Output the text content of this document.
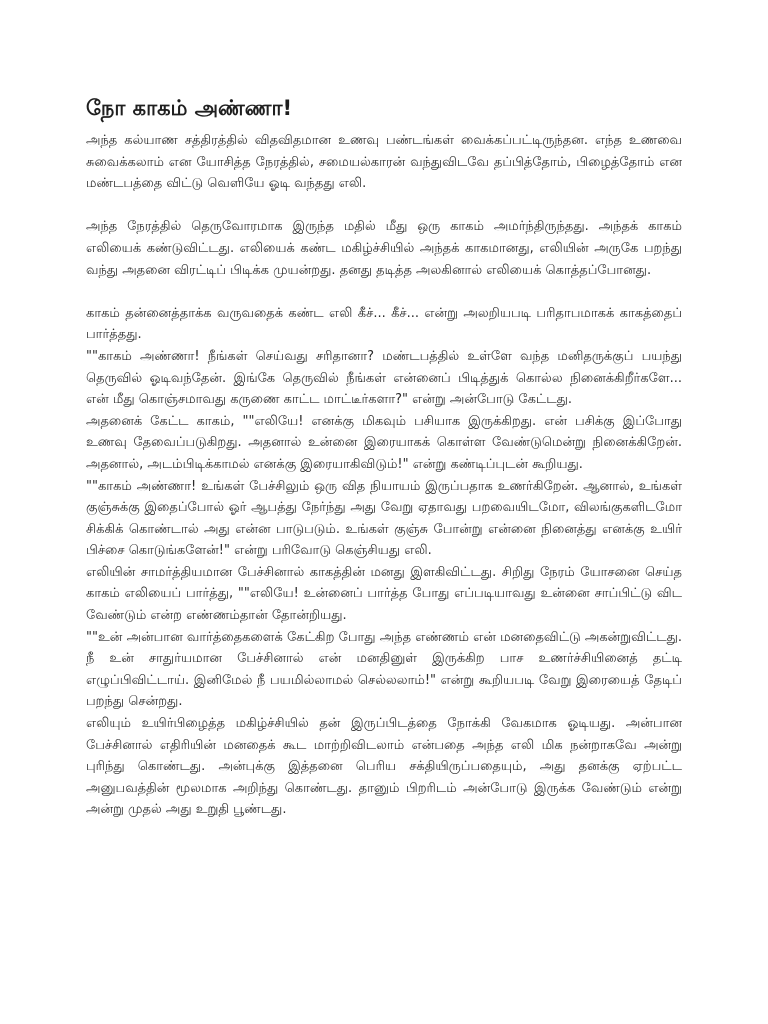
நோ காகம் அண்ணா!

அந்த கல்யாண சத்திரத்தில் விதவிதமான உணவு பண்டங்கள் வைக்கப்பட்டிருந்தன. எந்த உணவை சுவைக்கலாம் என யோசித்த நேரத்தில், சமையல்காரன் வந்துவிடவே தப்பித்தோம், பிழைத்தோம் என மண்டபத்தை விட்டு வெளியே ஓடி வந்தது எலி.

அந்த நேரத்தில் தெருவோரமாக இருந்த மதில் மீது ஒரு காகம் அமர்ந்திருந்தது. அந்தக் காகம் எலியைக் கண்டுவிட்டது. எலியைக் கண்ட மகிழ்ச்சியில் அந்தக் காகமானது, எலியின் அருகே பறந்து வந்து அதனை விரட்டிப் பிடிக்க முயன்றது. தனது தடித்த அலகினால் எலியைக் கொத்தப்போனது.

காகம் தன்னைத்தாக்க வருவதைக் கண்ட எலி கீச்... கீச்... என்று அலறியபடி பரிதாபமாகக் காகத்தைப் பார்த்தது.

""காகம் அண்ணா! நீங்கள் செய்வது சரிதானா? மண்டபத்தில் உள்ளே வந்த மனிதருக்குப் பயந்து தெருவில் ஓடிவந்தேன். இங்கே தெருவில் நீங்கள் என்னைப் பிடித்துக் கொல்ல நினைக்கிறீர்களே... என் மீது கொஞ்சமாவது கருணை காட்ட மாட்டீர்களா?" என்று அன்போடு கேட்டது.

அதனைக் கேட்ட காகம், ""எலியே! எனக்கு மிகவும் பசியாக இருக்கிறது. என் பசிக்கு இப்போது உணவு தேவைப்படுகிறது. அதனால் உன்னை இரையாகக் கொள்ள வேண்டுமென்று நினைக்கிறேன். அதனால், அடம்பிடிக்காமல் எனக்கு இரையாகிவிடும்!" என்று கண்டிப்புடன் கூறியது.

""காகம் அண்ணா! உங்கள் பேச்சிலும் ஒரு வித நியாயம் இருப்பதாக உணர்கிறேன். ஆனால், உங்கள் குஞ்சுக்கு இதைப்போல் ஓர் ஆபத்து நேர்ந்து அது வேறு ஏதாவது பறவையிடமோ, விலங்குகளிடமோ சிக்கிக் கொண்டால் அது என்ன பாடுபடும். உங்கள் குஞ்சு போன்று என்னை நினைத்து எனக்கு உயிர் பிச்சை கொடுங்களேன்!" என்று பரிவோடு கெஞ்சியது எலி.

எலியின் சாமர்த்தியமான பேச்சினால் காகத்தின் மனது இளகிவிட்டது. சிறிது நேரம் யோசனை செய்த காகம் எலியைப் பார்த்து, ""எலியே! உன்னைப் பார்த்த போது எப்படியாவது உன்னை சாப்பிட்டு விட வேண்டும் என்ற எண்ணம்தான் தோன்றியது.

""உன் அன்பான வார்த்தைகளைக் கேட்கிற போது அந்த எண்ணம் என் மனதைவிட்டு அகன்றுவிட்டது. நீ உன் சாதுர்யமான பேச்சினால் என் மனதினுள் இருக்கிற பாச உணர்ச்சியினைத் தட்டி எழுப்பிவிட்டாய். இனிமேல் நீ பயமில்லாமல் செல்லலாம்!" என்று கூறியபடி வேறு இரையைத் தேடிப் பறந்து சென்றது.

எலியும் உயிர்பிழைத்த மகிழ்ச்சியில் தன் இருப்பிடத்தை நோக்கி வேகமாக ஓடியது. அன்பான பேச்சினால் எதிரியின் மனதைக் கூட மாற்றிவிடலாம் என்பதை அந்த எலி மிக நன்றாகவே அன்று புரிந்து கொண்டது. அன்புக்கு இத்தனை பெரிய சக்தியிருப்பதையும், அது தனக்கு ஏற்பட்ட அனுபவத்தின் மூலமாக அறிந்து கொண்டது. தானும் பிறரிடம் அன்போடு இருக்க வேண்டும் என்று அன்று முதல் அது உறுதி பூண்டது.
